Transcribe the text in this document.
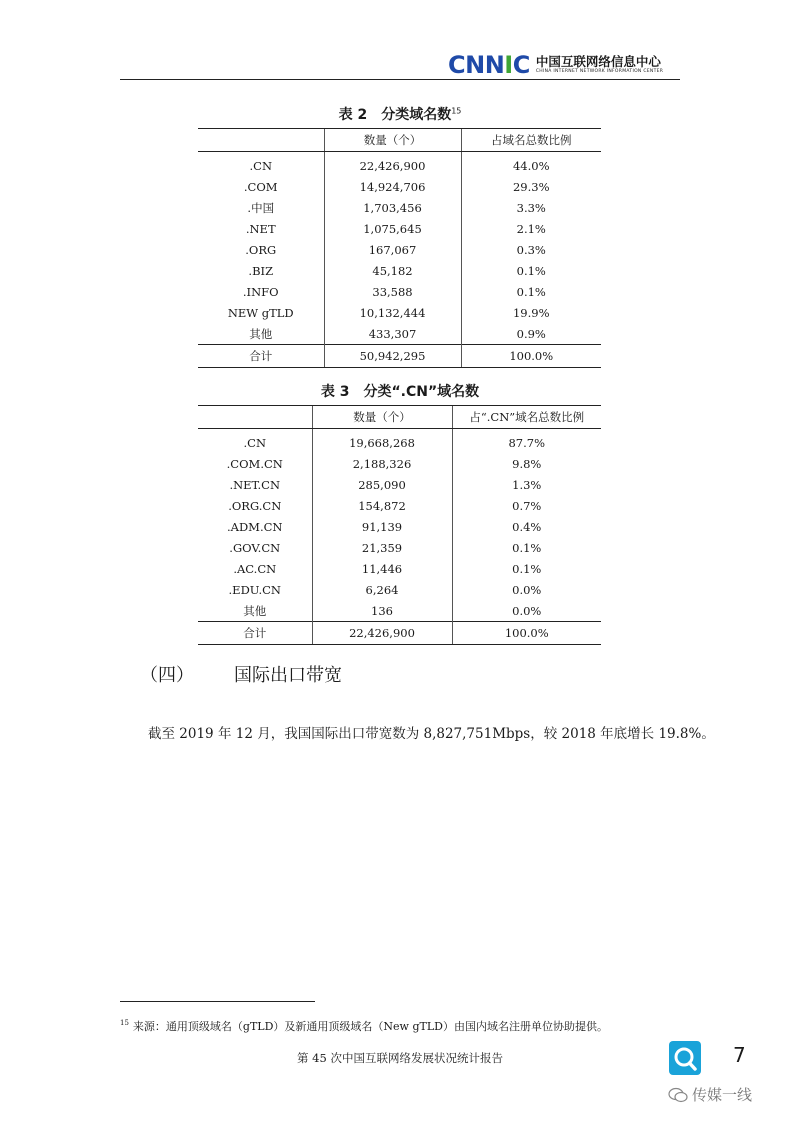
CNNIC 中国互联网络信息中心
CHINA INTERNET NETWORK INFORMATION CENTER
表 2　分类域名数$^{15}$
	数量（个）	占域名总数比例
.CN	22,426,900	44.0%
.COM	14,924,706	29.3%
.中国	1,703,456	3.3%
.NET	1,075,645	2.1%
.ORG	167,067	0.3%
.BIZ	45,182	0.1%
.INFO	33,588	0.1%
NEW gTLD	10,132,444	19.9%
其他	433,307	0.9%
合计	50,942,295	100.0%
表 3　分类“.CN”域名数
	数量（个）	占“.CN”域名总数比例
.CN	19,668,268	87.7%
.COM.CN	2,188,326	9.8%
.NET.CN	285,090	1.3%
.ORG.CN	154,872	0.7%
.ADM.CN	91,139	0.4%
.GOV.CN	21,359	0.1%
.AC.CN	11,446	0.1%
.EDU.CN	6,264	0.0%
其他	136	0.0%
合计	22,426,900	100.0%
（四） 国际出口带宽
截至 2019 年 12 月，我国国际出口带宽数为 8,827,751Mbps，较 2018 年底增长 19.8%。
$^{15}$ 来源：通用顶级域名（gTLD）及新通用顶级域名（New gTLD）由国内域名注册单位协助提供。
第 45 次中国互联网络发展状况统计报告	7
传媒一线
